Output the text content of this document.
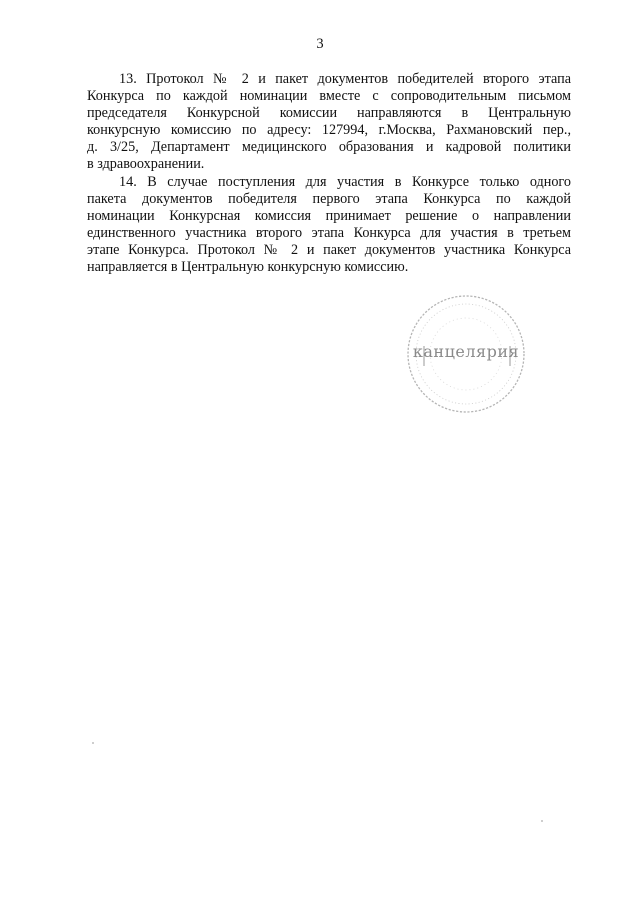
3

13. Протокол № 2 и пакет документов победителей второго этапа
Конкурса по каждой номинации вместе с сопроводительным письмом
председателя Конкурсной комиссии направляются в Центральную
конкурсную комиссию по адресу: 127994, г.Москва, Рахмановский пер.,
д. 3/25, Департамент медицинского образования и кадровой политики
в здравоохранении.

14. В случае поступления для участия в Конкурсе только одного
пакета документов победителя первого этапа Конкурса по каждой
номинации Конкурсная комиссия принимает решение о направлении
единственного участника второго этапа Конкурса для участия в третьем
этапе Конкурса. Протокол № 2 и пакет документов участника Конкурса
направляется в Центральную конкурсную комиссию.

канцелярия
